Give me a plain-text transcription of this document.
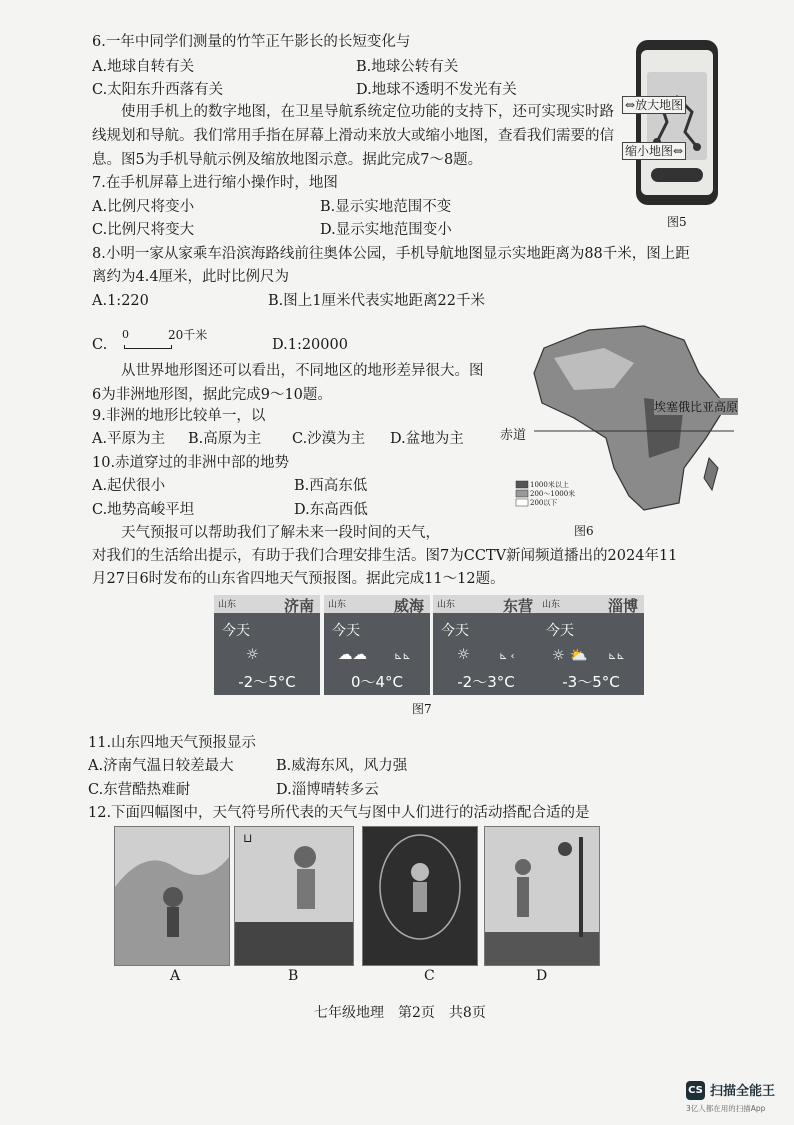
6.一年中同学们测量的竹竿正午影长的长短变化与
A.地球自转有关	B.地球公转有关
C.太阳东升西落有关	D.地球不透明不发光有关
使用手机上的数字地图，在卫星导航系统定位功能的支持下，还可实现实时路线规划和导航。我们常用手指在屏幕上滑动来放大或缩小地图，查看我们需要的信息。图5为手机导航示例及缩放地图示意。据此完成7～8题。
⇔放大地图
缩小地图⇔
图5
7.在手机屏幕上进行缩小操作时，地图
A.比例尺将变小	B.显示实地范围不变
C.比例尺将变大	D.显示实地范围变小
8.小明一家从家乘车沿滨海路线前往奥体公园，手机导航地图显示实地距离为88千米，图上距
离约为4.4厘米，此时比例尺为
A.1:220	B.图上1厘米代表实地距离22千米
C.
0	20千米
D.1:20000
从世界地形图还可以看出，不同地区的地形差异很大。图6为非洲地形图，据此完成9～10题。
赤道
埃塞俄比亚高原
1000米以上
200～1000米
200以下
图6
9.非洲的地形比较单一，以
A.平原为主 B.高原为主 C.沙漠为主 D.盆地为主
10.赤道穿过的非洲中部的地势
A.起伏很小	B.西高东低
C.地势高峻平坦	D.东高西低
天气预报可以帮助我们了解未来一段时间的天气，
对我们的生活给出提示，有助于我们合理安排生活。图7为CCTV新闻频道播出的2024年11
月27日6时发布的山东省四地天气预报图。据此完成11～12题。
山东	济南
今天
☼
-2～5°C
山东	威海
今天
☁☁	⊾⊾
0～4°C
山东	东营
今天
☼	⊾ ‹
-2～3°C
山东	淄博
今天
☼ ⛅ ⊾⊾
-3～5°C
图7
11.山东四地天气预报显示
A.济南气温日较差最大	B.威海东风，风力强
C.东营酷热难耐	D.淄博晴转多云
12.下面四幅图中，天气符号所代表的天气与图中人们进行的活动搭配合适的是
⊔
A	B	C	D
七年级地理　第2页　共8页
CS 扫描全能王
3亿人都在用的扫描App
